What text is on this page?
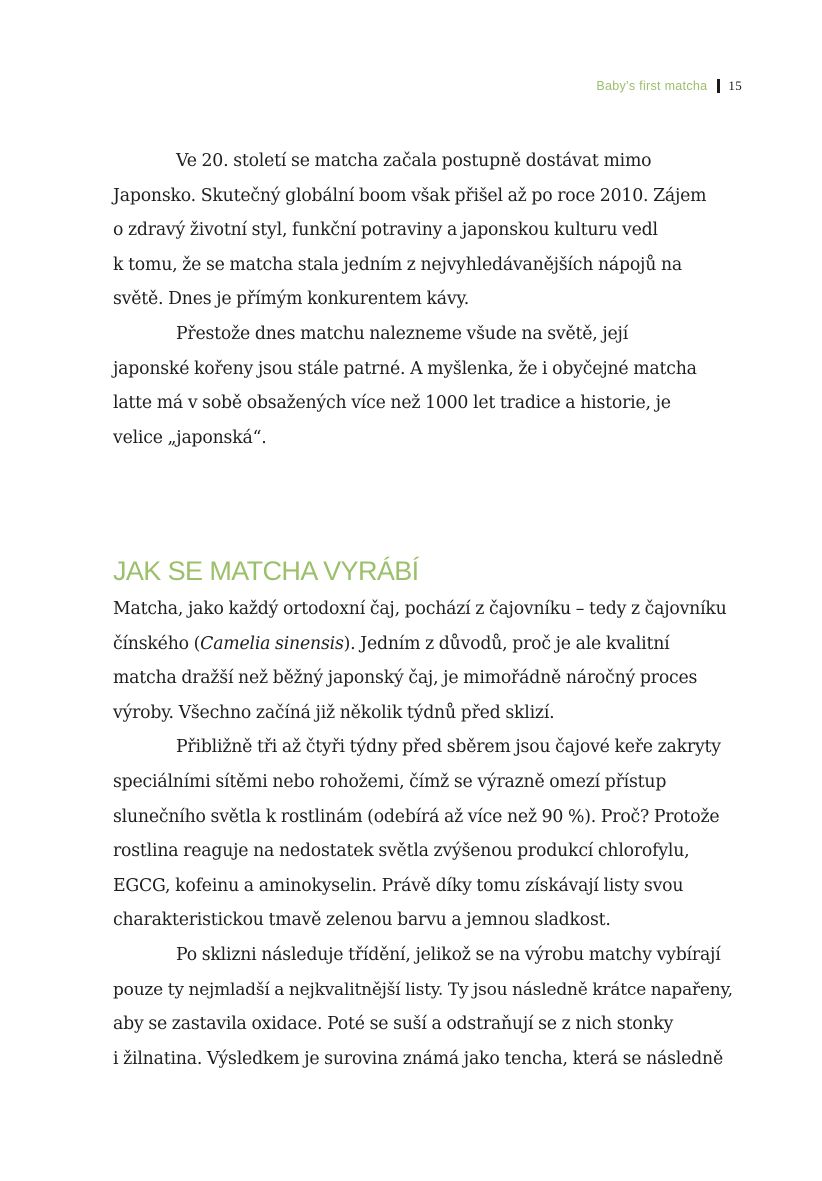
Baby’s first matcha 15

Ve 20. století se matcha začala postupně dostávat mimo
Japonsko. Skutečný globální boom však přišel až po roce 2010. Zájem
o zdravý životní styl, funkční potraviny a japonskou kulturu vedl
k tomu, že se matcha stala jedním z nejvyhledávanějších nápojů na
světě. Dnes je přímým konkurentem kávy.

Přestože dnes matchu nalezneme všude na světě, její
japonské kořeny jsou stále patrné. A myšlenka, že i obyčejné matcha
latte má v sobě obsažených více než 1000 let tradice a historie, je
velice „japonská“.

JAK SE MATCHA VYRÁBÍ

Matcha, jako každý ortodoxní čaj, pochází z čajovníku – tedy z čajovníku
čínského (Camelia sinensis). Jedním z důvodů, proč je ale kvalitní
matcha dražší než běžný japonský čaj, je mimořádně náročný proces
výroby. Všechno začíná již několik týdnů před sklizí.

Přibližně tři až čtyři týdny před sběrem jsou čajové keře zakryty
speciálními sítěmi nebo rohožemi, čímž se výrazně omezí přístup
slunečního světla k rostlinám (odebírá až více než 90 %). Proč? Protože
rostlina reaguje na nedostatek světla zvýšenou produkcí chlorofylu,
EGCG, kofeinu a aminokyselin. Právě díky tomu získávají listy svou
charakteristickou tmavě zelenou barvu a jemnou sladkost.

Po sklizni následuje třídění, jelikož se na výrobu matchy vybírají
pouze ty nejmladší a nejkvalitnější listy. Ty jsou následně krátce napařeny,
aby se zastavila oxidace. Poté se suší a odstraňují se z nich stonky
i žilnatina. Výsledkem je surovina známá jako tencha, která se následně
